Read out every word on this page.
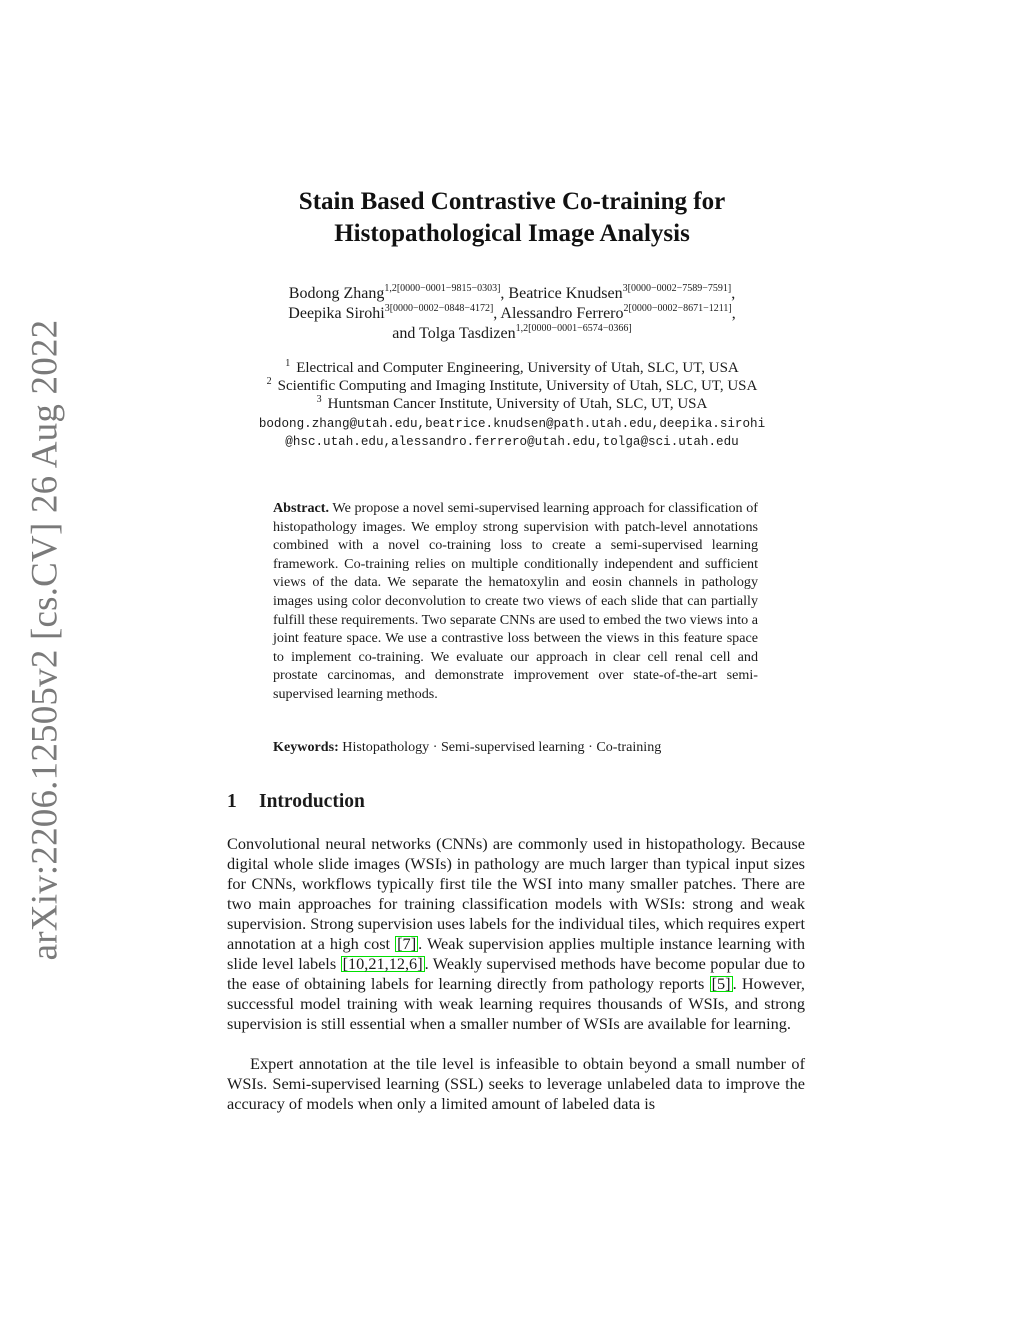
arXiv:2206.12505v2 [cs.CV] 26 Aug 2022
Stain Based Contrastive Co-training for
Histopathological Image Analysis
Bodong Zhang$^{1,2[0000-0001-9815-0303]}$, Beatrice Knudsen$^{3[0000-0002-7589-7591]}$,
Deepika Sirohi$^{3[0000-0002-0848-4172]}$, Alessandro Ferrero$^{2[0000-0002-8671-1211]}$,
and Tolga Tasdizen$^{1,2[0000-0001-6574-0366]}$
$^1$ Electrical and Computer Engineering, University of Utah, SLC, UT, USA
$^2$ Scientific Computing and Imaging Institute, University of Utah, SLC, UT, USA
$^3$ Huntsman Cancer Institute, University of Utah, SLC, UT, USA
bodong.zhang@utah.edu,beatrice.knudsen@path.utah.edu,deepika.sirohi
@hsc.utah.edu,alessandro.ferrero@utah.edu,tolga@sci.utah.edu
Abstract. We propose a novel semi-supervised learning approach for classification of histopathology images. We employ strong supervision with patch-level annotations combined with a novel co-training loss to create a semi-supervised learning framework. Co-training relies on multiple conditionally independent and sufficient views of the data. We separate the hematoxylin and eosin channels in pathology images using color deconvolution to create two views of each slide that can partially fulfill these requirements. Two separate CNNs are used to embed the two views into a joint feature space. We use a contrastive loss between the views in this feature space to implement co-training. We evaluate our approach in clear cell renal cell and prostate carcinomas, and demonstrate improvement over state-of-the-art semi-supervised learning methods.
Keywords: Histopathology · Semi-supervised learning · Co-training
1 Introduction

Convolutional neural networks (CNNs) are commonly used in histopathology. Because digital whole slide images (WSIs) in pathology are much larger than typical input sizes for CNNs, workflows typically first tile the WSI into many smaller patches. There are two main approaches for training classification models with WSIs: strong and weak supervision. Strong supervision uses labels for the individual tiles, which requires expert annotation at a high cost [7] . Weak supervision applies multiple instance learning with slide level labels [10,21,12,6] . Weakly supervised methods have become popular due to the ease of obtaining labels for learning directly from pathology reports [5] . However, successful model training with weak learning requires thousands of WSIs, and strong supervision is still essential when a smaller number of WSIs are available for learning.

Expert annotation at the tile level is infeasible to obtain beyond a small number of WSIs. Semi-supervised learning (SSL) seeks to leverage unlabeled data to improve the accuracy of models when only a limited amount of labeled data is
